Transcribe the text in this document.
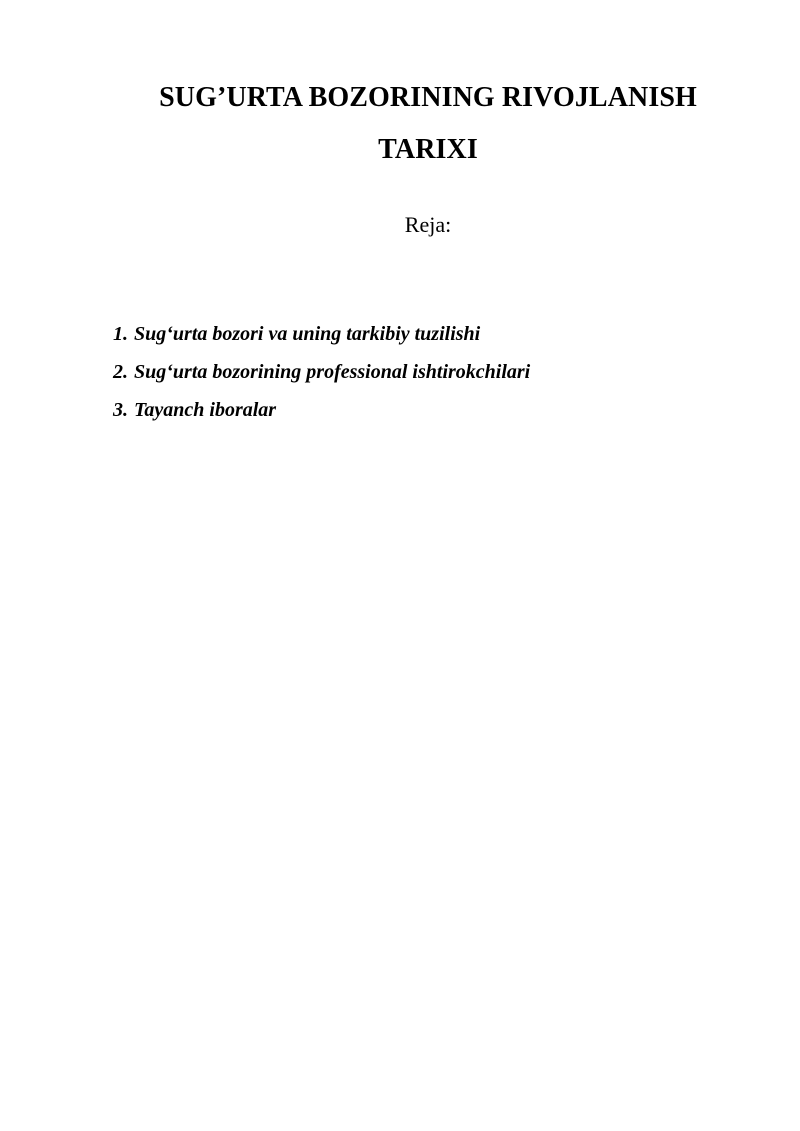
SUG’URTA BOZORINING RIVOJLANISH
TARIXI

Reja:

1. Sug‘urta bozori va uning tarkibiy tuzilishi
2. Sug‘urta bozorining professional ishtirokchilari
3. Tayanch iboralar
